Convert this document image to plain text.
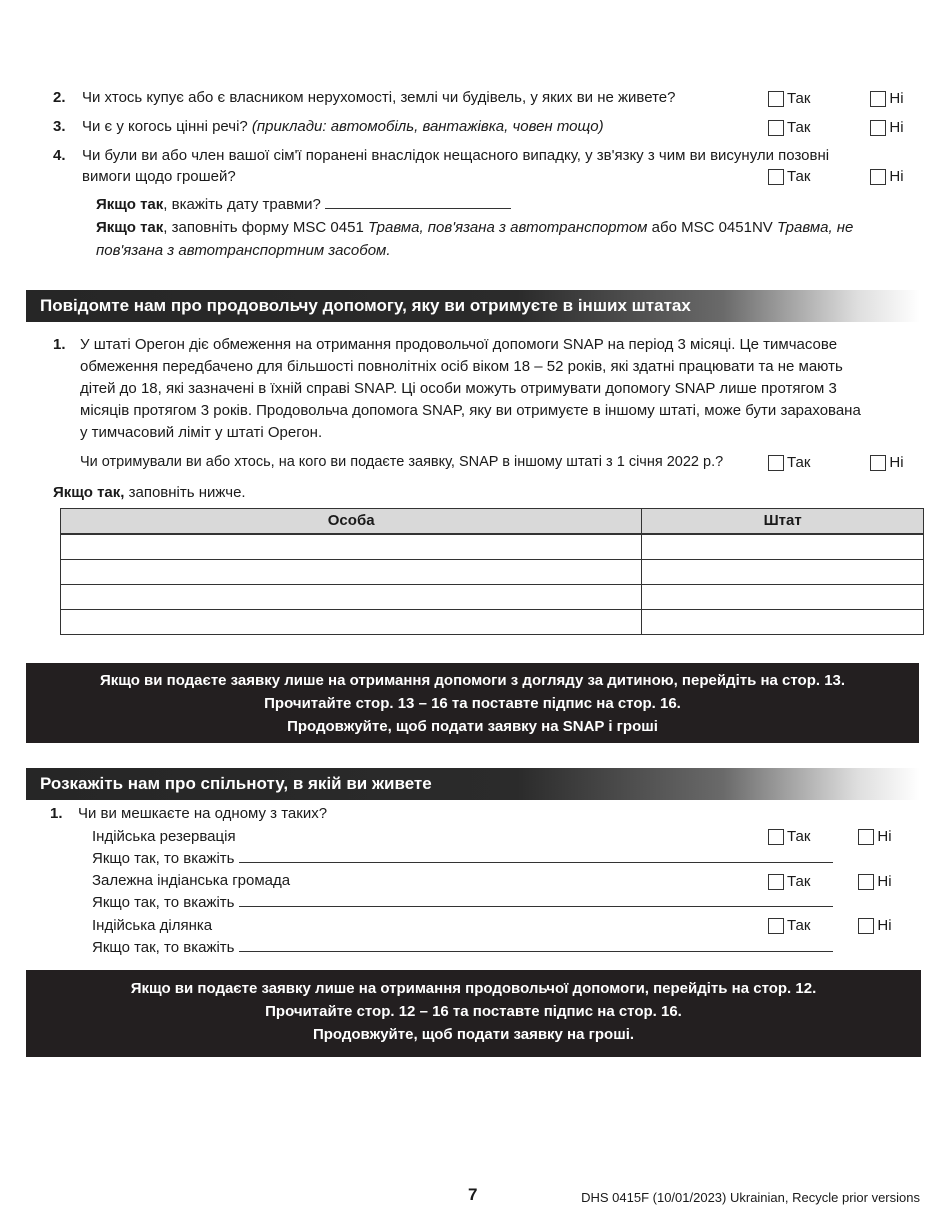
2. Чи хтось купує або є власником нерухомості, землі чи будівель, у яких ви не живете?	Так	Ні
3. Чи є у когось цінні речі? (приклади: автомобіль, вантажівка, човен тощо)	Так	Ні
4. Чи були ви або член вашої сім'ї поранені внаслідок нещасного випадку, у зв'язку з чим ви висунули позовні
вимоги щодо грошей?	Так	Ні
Якщо так, вкажіть дату травми?
Якщо так, заповніть форму MSC 0451 Травма, пов'язана з автотранспортом або MSC 0451NV Травма, не
пов'язана з автотранспортним засобом.
Повідомте нам про продовольчу допомогу, яку ви отримуєте в інших штатах
1. У штаті Орегон діє обмеження на отримання продовольчої допомоги SNAP на період 3 місяці. Це тимчасове
обмеження передбачено для більшості повнолітніх осіб віком 18 – 52 років, які здатні працювати та не мають
дітей до 18, які зазначені в їхній справі SNAP. Ці особи можуть отримувати допомогу SNAP лише протягом 3
місяців протягом 3 років. Продовольча допомога SNAP, яку ви отримуєте в іншому штаті, може бути зарахована
у тимчасовий ліміт у штаті Орегон.
Чи отримували ви або хтось, на кого ви подаєте заявку, SNAP в іншому штаті з 1 січня 2022 р.?	Так	Ні
Якщо так, заповніть нижче.
Особа	Штат

Якщо ви подаєте заявку лише на отримання допомоги з догляду за дитиною, перейдіть на стор. 13.
Прочитайте стор. 13 – 16 та поставте підпис на стор. 16.
Продовжуйте, щоб подати заявку на SNAP і гроші
Розкажіть нам про спільноту, в якій ви живете
1. Чи ви мешкаєте на одному з таких?
Індійська резервація	Так	Ні
Якщо так, то вкажіть
Залежна індіанська громада	Так	Ні
Якщо так, то вкажіть
Індійська ділянка	Так	Ні
Якщо так, то вкажіть
Якщо ви подаєте заявку лише на отримання продовольчої допомоги, перейдіть на стор. 12.
Прочитайте стор. 12 – 16 та поставте підпис на стор. 16.
Продовжуйте, щоб подати заявку на гроші.
7	DHS 0415F (10/01/2023) Ukrainian, Recycle prior versions
